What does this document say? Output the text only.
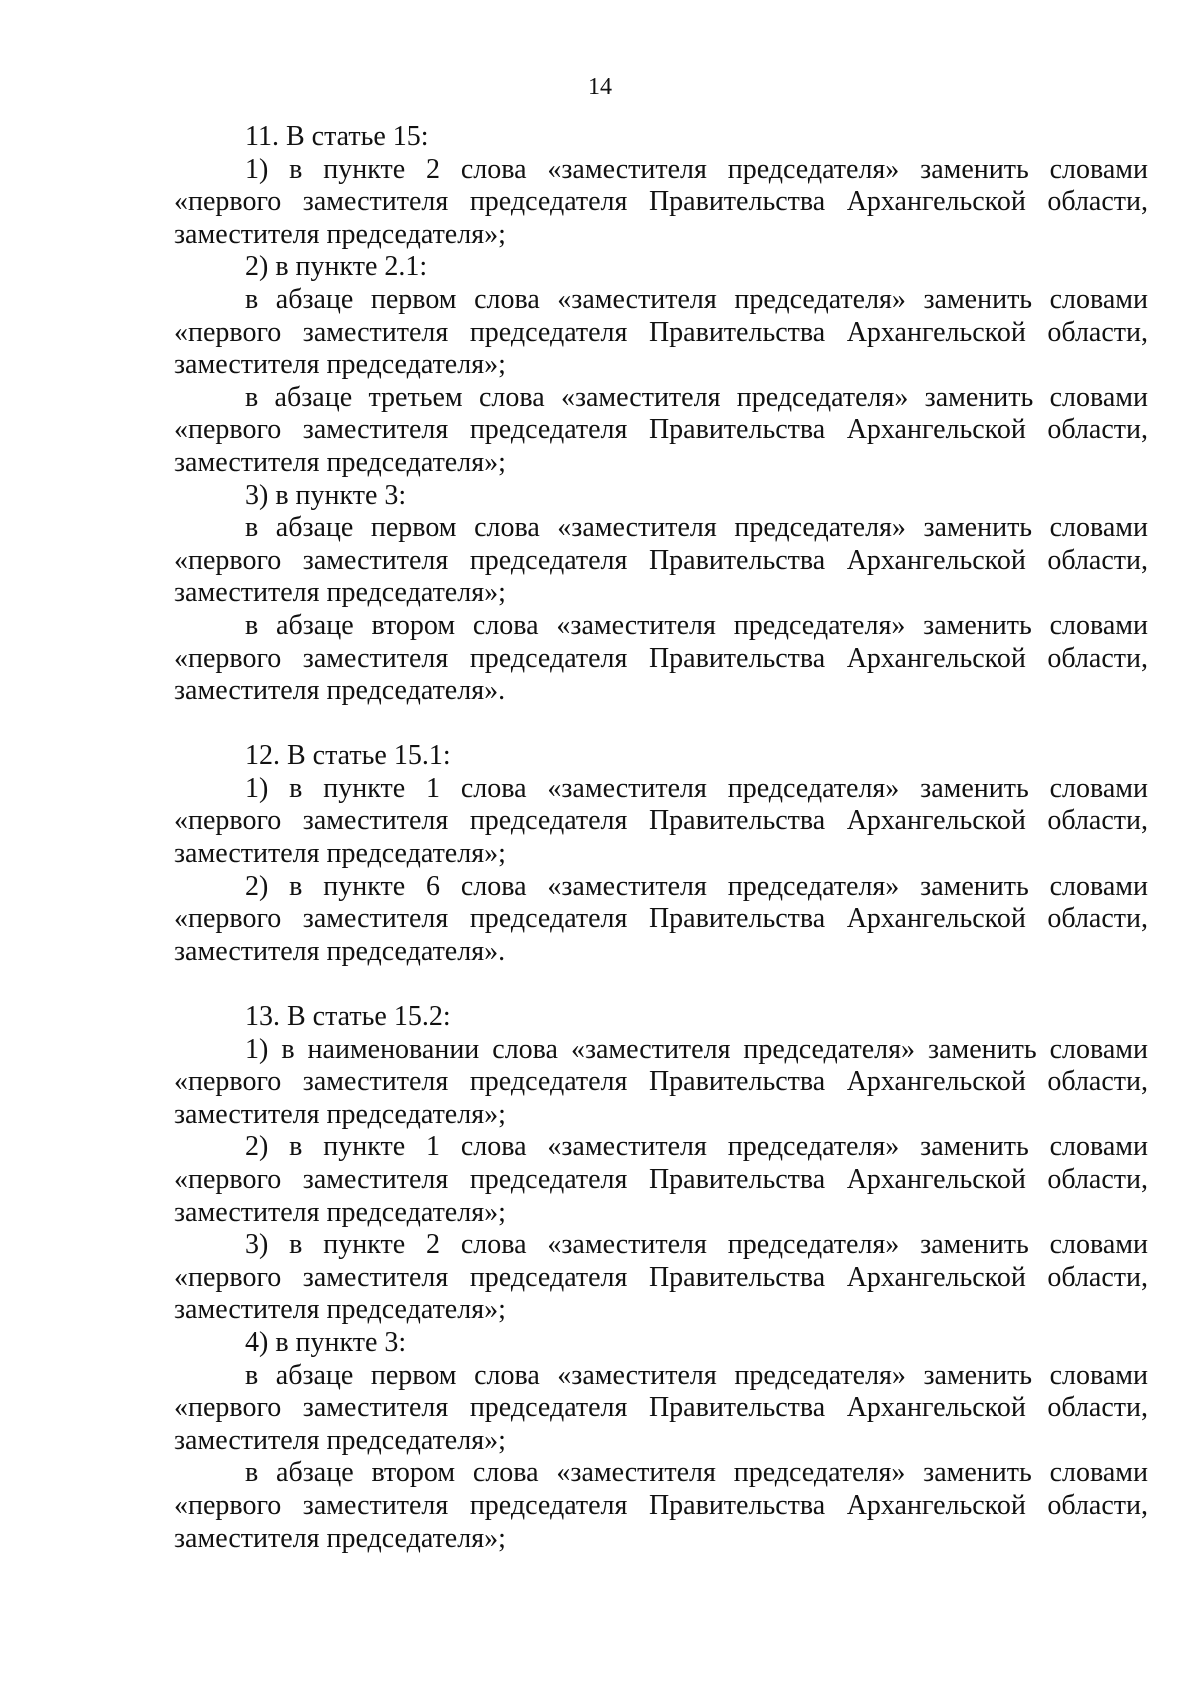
14

11. В статье 15:

1) в пункте 2 слова «заместителя председателя» заменить словами «первого заместителя председателя Правительства Архангельской области, заместителя председателя»;

2) в пункте 2.1:

в абзаце первом слова «заместителя председателя» заменить словами «первого заместителя председателя Правительства Архангельской области, заместителя председателя»;

в абзаце третьем слова «заместителя председателя» заменить словами «первого заместителя председателя Правительства Архангельской области, заместителя председателя»;

3) в пункте 3:

в абзаце первом слова «заместителя председателя» заменить словами «первого заместителя председателя Правительства Архангельской области, заместителя председателя»;

в абзаце втором слова «заместителя председателя» заменить словами «первого заместителя председателя Правительства Архангельской области, заместителя председателя».

12. В статье 15.1:

1) в пункте 1 слова «заместителя председателя» заменить словами «первого заместителя председателя Правительства Архангельской области, заместителя председателя»;

2) в пункте 6 слова «заместителя председателя» заменить словами «первого заместителя председателя Правительства Архангельской области, заместителя председателя».

13. В статье 15.2:

1) в наименовании слова «заместителя председателя» заменить словами «первого заместителя председателя Правительства Архангельской области, заместителя председателя»;

2) в пункте 1 слова «заместителя председателя» заменить словами «первого заместителя председателя Правительства Архангельской области, заместителя председателя»;

3) в пункте 2 слова «заместителя председателя» заменить словами «первого заместителя председателя Правительства Архангельской области, заместителя председателя»;

4) в пункте 3:

в абзаце первом слова «заместителя председателя» заменить словами «первого заместителя председателя Правительства Архангельской области, заместителя председателя»;

в абзаце втором слова «заместителя председателя» заменить словами «первого заместителя председателя Правительства Архангельской области, заместителя председателя»;
